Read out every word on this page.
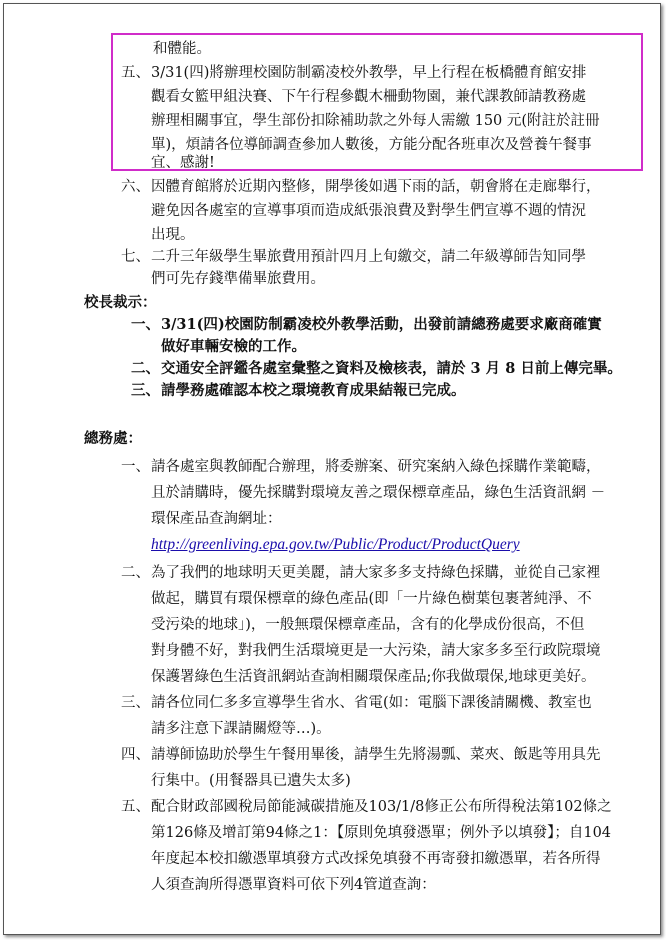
和體能。
五、 3/31(四)將辦理校園防制霸凌校外教學，早上行程在板橋體育館安排
觀看女籃甲組決賽、下午行程參觀木柵動物園，兼代課教師請教務處
辦理相關事宜，學生部份扣除補助款之外每人需繳 150 元(附註於註冊
單)，煩請各位導師調查參加人數後，方能分配各班車次及營養午餐事
宜、感謝!
六、 因體育館將於近期內整修，開學後如遇下雨的話，朝會將在走廊舉行，
避免因各處室的宣導事項而造成紙張浪費及對學生們宣導不週的情況
出現。
七、 二升三年級學生畢旅費用預計四月上旬繳交，請二年級導師告知同學
們可先存錢準備畢旅費用。
校長裁示：
一、 3/31(四)校園防制霸凌校外教學活動，出發前請總務處要求廠商確實
做好車輛安檢的工作。
二、 交通安全評鑑各處室彙整之資料及檢核表，請於 3 月 8 日前上傳完畢。
三、 請學務處確認本校之環境教育成果結報已完成。
總務處：
一、 請各處室與教師配合辦理，將委辦案、研究案納入綠色採購作業範疇，
且於請購時，優先採購對環境友善之環保標章產品，綠色生活資訊網 －
環保產品查詢網址：
http://greenliving.epa.gov.tw/Public/Product/ProductQuery
二、 為了我們的地球明天更美麗，請大家多多支持綠色採購，並從自己家裡
做起，購買有環保標章的綠色產品(即「一片綠色樹葉包裹著純淨、不
受污染的地球」)，一般無環保標章產品，含有的化學成份很高，不但
對身體不好，對我們生活環境更是一大污染，請大家多多至行政院環境
保護署綠色生活資訊網站查詢相關環保產品;你我做環保,地球更美好。
三、 請各位同仁多多宣導學生省水、省電(如：電腦下課後請關機、教室也
請多注意下課請關燈等…)。
四、 請導師協助於學生午餐用畢後，請學生先將湯瓢、菜夾、飯匙等用具先
行集中。(用餐器具已遺失太多)
五、 配合財政部國稅局節能減碳措施及103/1/8修正公布所得稅法第102條之
第126條及增訂第94條之1：【原則免填發憑單；例外予以填發】；自104
年度起本校扣繳憑單填發方式改採免填發不再寄發扣繳憑單，若各所得
人須查詢所得憑單資料可依下列4管道查詢：
